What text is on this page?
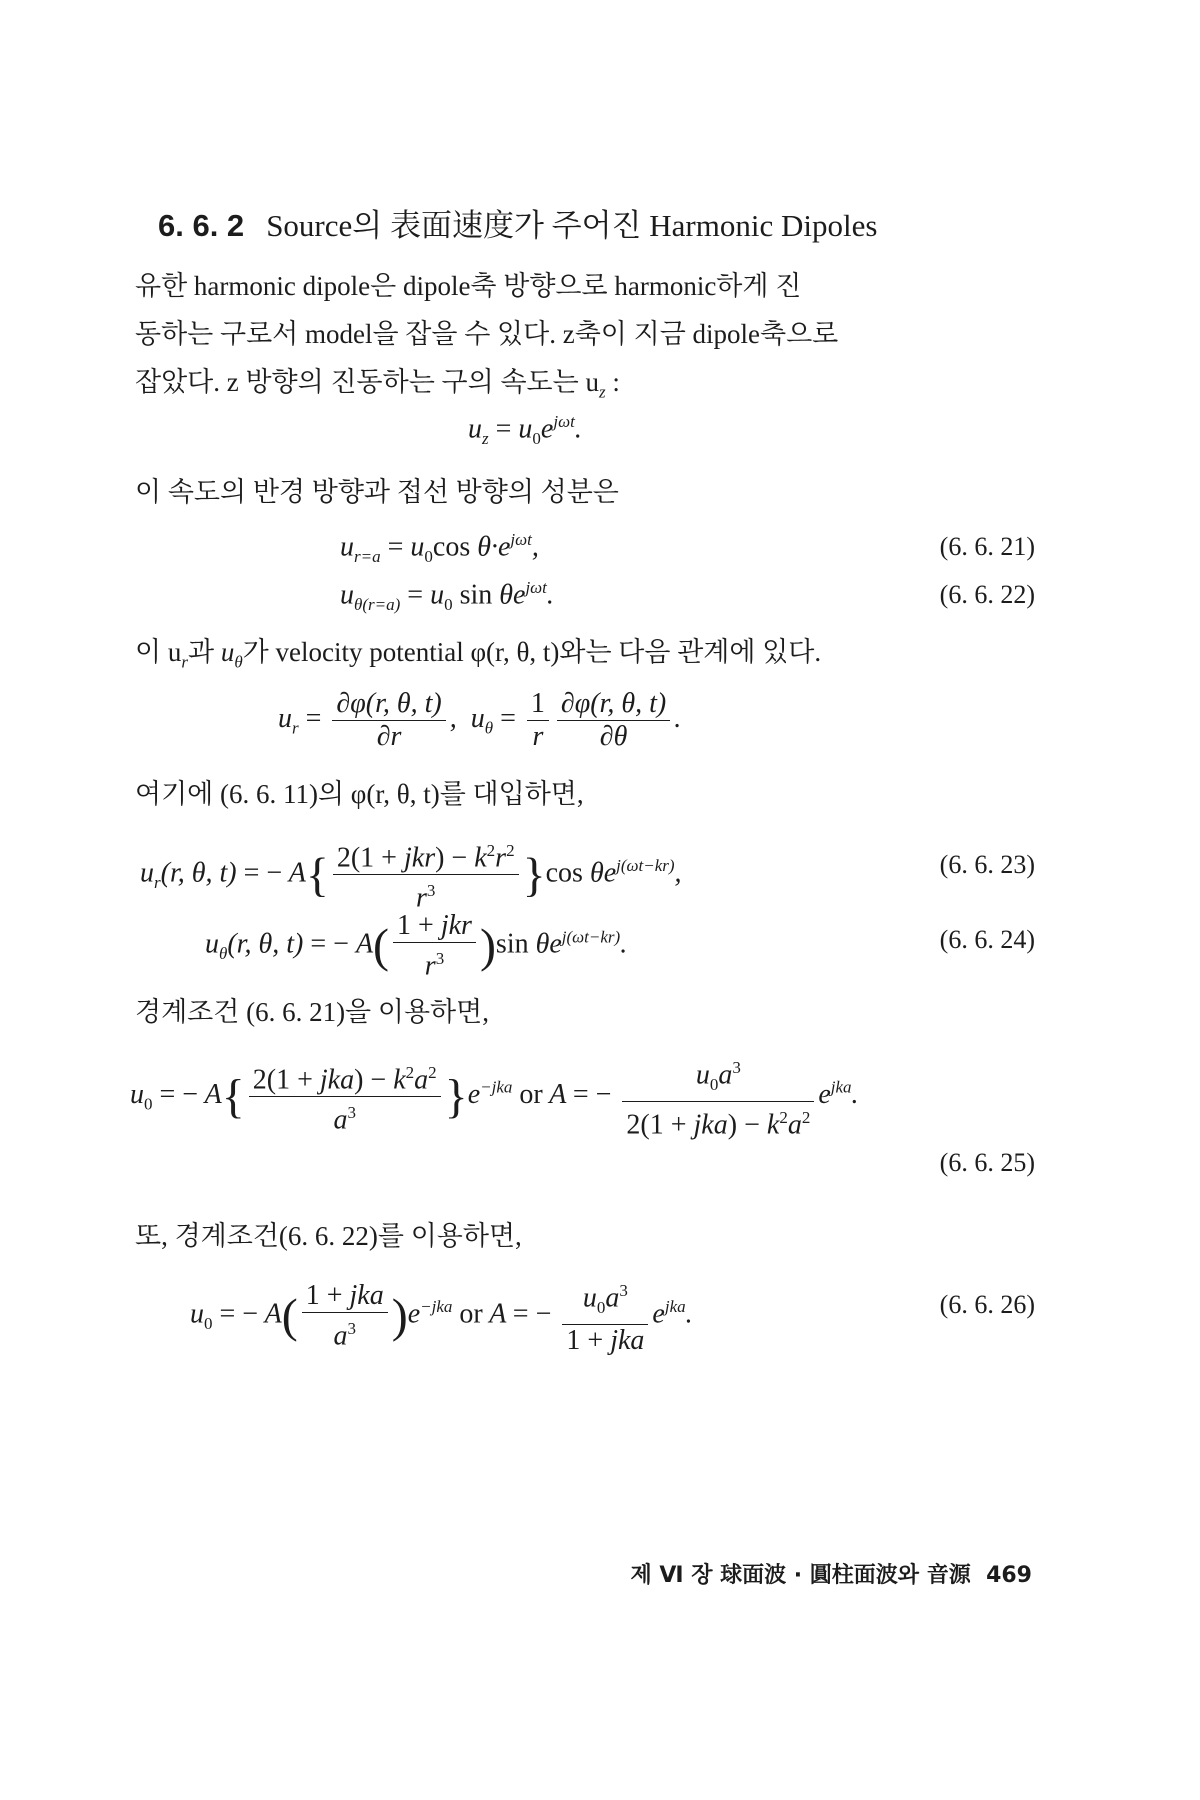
6. 6. 2 Source의 表面速度가 주어진 Harmonic Dipoles
유한 harmonic dipole은 dipole축 방향으로 harmonic하게 진
동하는 구로서 model을 잡을 수 있다. z축이 지금 dipole축으로
잡았다. z 방향의 진동하는 구의 속도는 $u_z$ :
$u_z = u_0e^{j\omega t}$.
이 속도의 반경 방향과 접선 방향의 성분은
$u_{r=a} = u_0\cos$ $\theta\cdot e^{j\omega t}$,	(6. 6. 21)
$u_{\theta(r=a)} = u_0$ $\sin \theta e^{j\omega t}$.	(6. 6. 22)
이 $u_r$과 $u_\theta$가 velocity potential φ(r, θ, t)와는 다음 관계에 있다.
$u_r = \frac{\partial\varphi(r, \theta, t)}{\partial r}$ ,  $u_\theta = \frac{1}{r} \frac{\partial\varphi(r, \theta, t)}{\partial\theta}$ .
여기에 (6. 6. 11)의 φ(r, θ, t)를 대입하면,
$u_r(r$, θ, t) = − $A\{ \frac{2(1 + jkr) - k^2r^2}{r^3} \}\cos$ $\theta e^{j(\omega t-kr)}$,	(6. 6. 23)
$u_\theta(r$, θ, t) = − $A( \frac{\text{1 + jkr}}{r^3} )\sin$ $\theta e^{j(\omega t-kr)}$.	(6. 6. 24)
경계조건 (6. 6. 21)을 이용하면,
$u_0$ = − $A\{ \frac{2(1 + jka) - k^2a^2}{a^3} \}e^{-jka}$ or A = − $\frac{u_0a^3}{2(1 + jka) - k^2a^2} e^{jka}$.
(6. 6. 25)
또, 경계조건(6. 6. 22)를 이용하면,
$u_0$ = − $A( \frac{\text{1 + jka}}{a^3} )e^{-jka}$ or A = − $\frac{u_0a^3}{\text{1 + jka}} e^{jka}$.	(6. 6. 26)
제 Ⅵ 장 球面波 · 圓柱面波와 音源 469
